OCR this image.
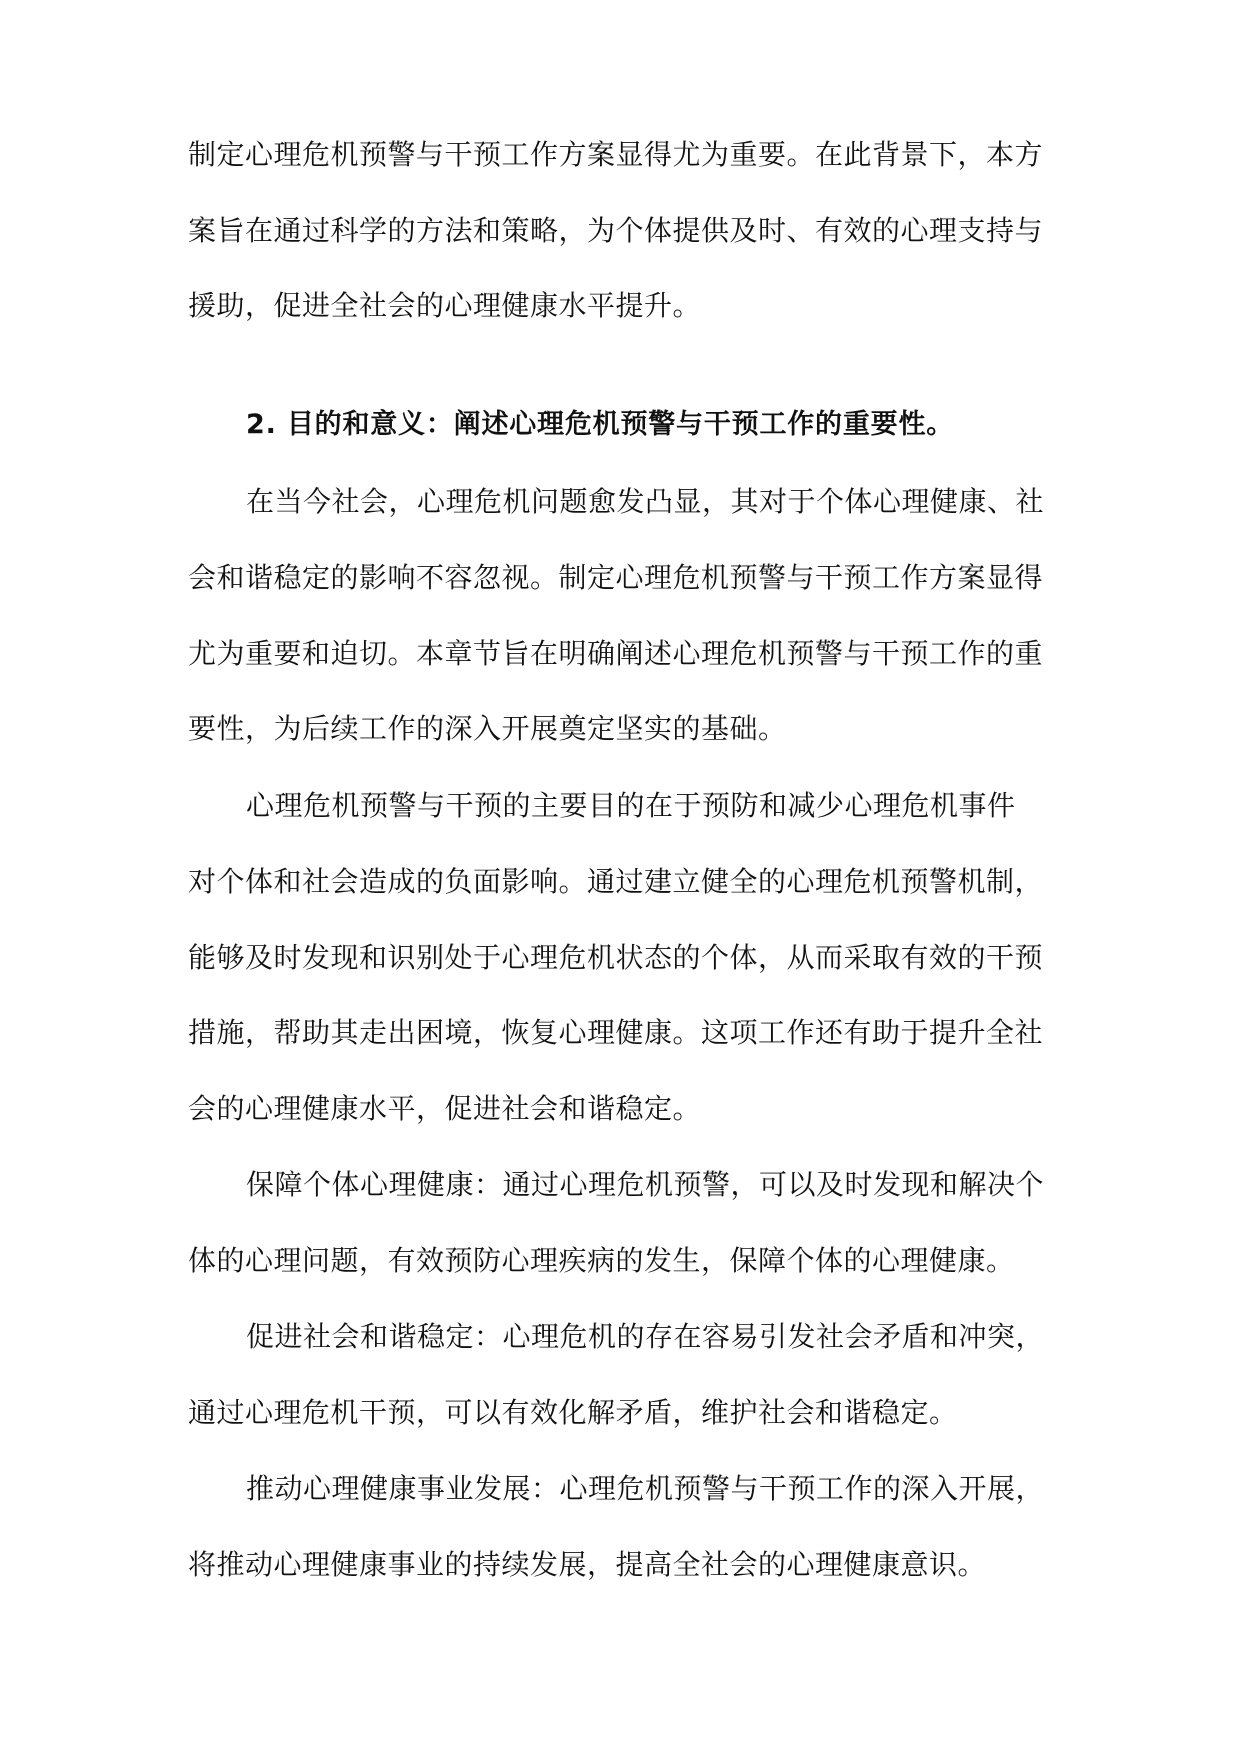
制定心理危机预警与干预工作方案显得尤为重要。在此背景下，本方

案旨在通过科学的方法和策略，为个体提供及时、有效的心理支持与

援助，促进全社会的心理健康水平提升。

2. 目的和意义：阐述心理危机预警与干预工作的重要性。

在当今社会，心理危机问题愈发凸显，其对于个体心理健康、社

会和谐稳定的影响不容忽视。制定心理危机预警与干预工作方案显得

尤为重要和迫切。本章节旨在明确阐述心理危机预警与干预工作的重

要性，为后续工作的深入开展奠定坚实的基础。

心理危机预警与干预的主要目的在于预防和减少心理危机事件

对个体和社会造成的负面影响。通过建立健全的心理危机预警机制，

能够及时发现和识别处于心理危机状态的个体，从而采取有效的干预

措施，帮助其走出困境，恢复心理健康。这项工作还有助于提升全社

会的心理健康水平，促进社会和谐稳定。

保障个体心理健康：通过心理危机预警，可以及时发现和解决个

体的心理问题，有效预防心理疾病的发生，保障个体的心理健康。

促进社会和谐稳定：心理危机的存在容易引发社会矛盾和冲突，

通过心理危机干预，可以有效化解矛盾，维护社会和谐稳定。

推动心理健康事业发展：心理危机预警与干预工作的深入开展，

将推动心理健康事业的持续发展，提高全社会的心理健康意识。
